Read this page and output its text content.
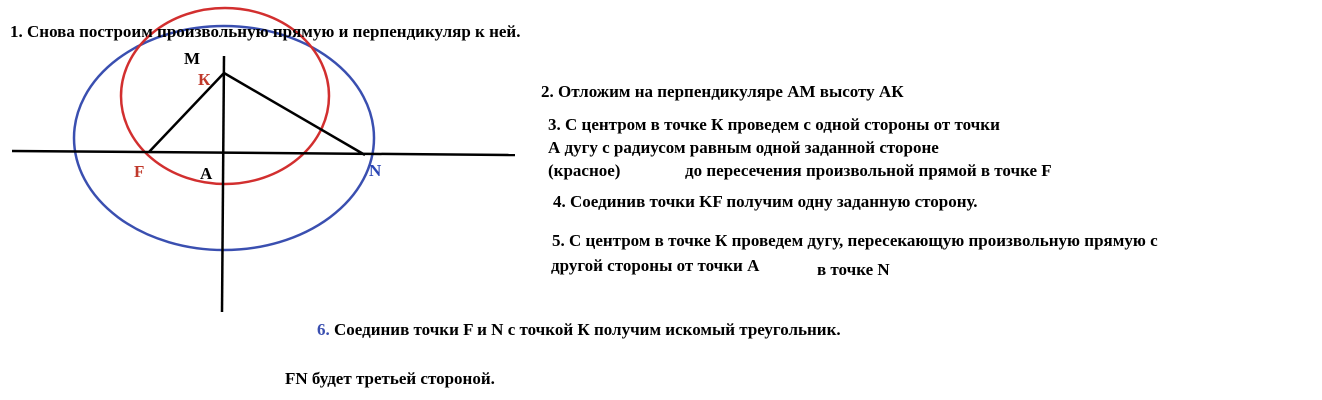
М
К
F	А	N
1. Снова построим произвольную прямую и перпендикуляр к ней.
2. Отложим на перпендикуляре АМ высоту АК
3. С центром в точке К проведем с одной стороны от точки
А дугу с радиусом равным одной заданной стороне
(красное)	до пересечения произвольной прямой в точке F
4. Соединив точки KF получим одну заданную сторону.
5. С центром в точке К проведем дугу, пересекающую произвольную прямую с
другой стороны от точки А	в точке N
6. Соединив точки F и N с точкой К получим искомый треугольник.
FN будет третьей стороной.
